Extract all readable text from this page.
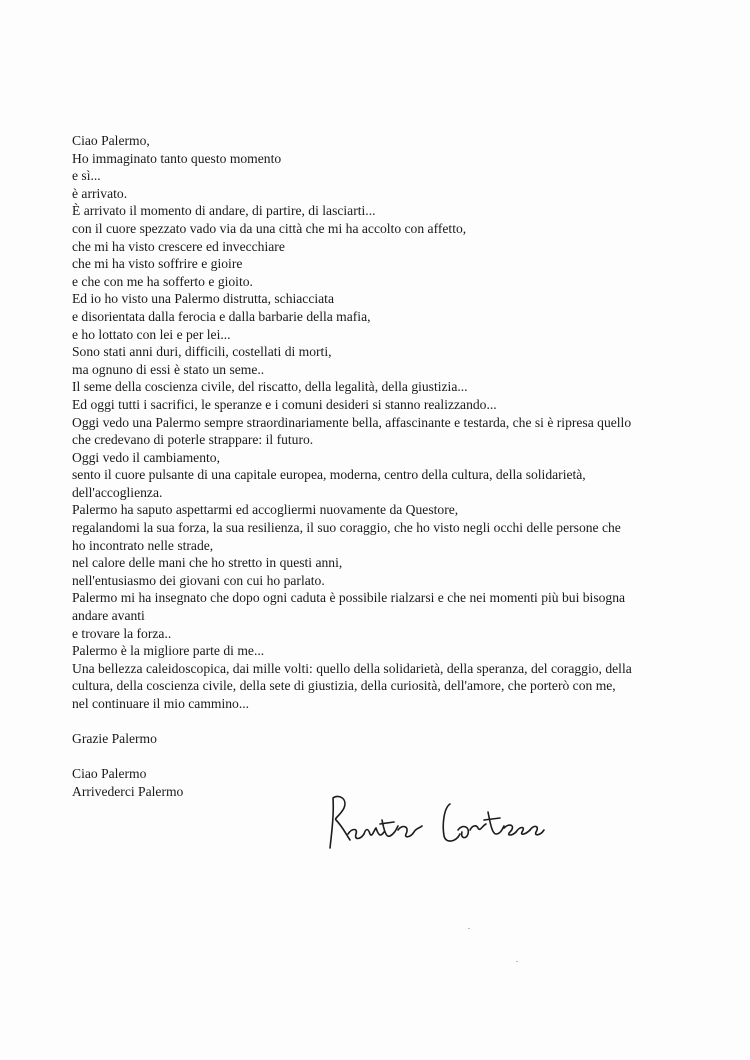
Ciao Palermo,
Ho immaginato tanto questo momento
e sì...
è arrivato.
È arrivato il momento di andare, di partire, di lasciarti...
con il cuore spezzato vado via da una città che mi ha accolto con affetto,
che mi ha visto crescere ed invecchiare
che mi ha visto soffrire e gioire
e che con me ha sofferto e gioito.
Ed io ho visto una Palermo distrutta, schiacciata
e disorientata dalla ferocia e dalla barbarie della mafia,
e ho lottato con lei e per lei...
Sono stati anni duri, difficili, costellati di morti,
ma ognuno di essi è stato un seme..
Il seme della coscienza civile, del riscatto, della legalità, della giustizia...
Ed oggi tutti i sacrifici, le speranze e i comuni desideri si stanno realizzando...
Oggi vedo una Palermo sempre straordinariamente bella, affascinante e testarda, che si è ripresa quello
che credevano di poterle strappare: il futuro.
Oggi vedo il cambiamento,
sento il cuore pulsante di una capitale europea, moderna, centro della cultura, della solidarietà,
dell'accoglienza.
Palermo ha saputo aspettarmi ed accogliermi nuovamente da Questore,
regalandomi la sua forza, la sua resilienza, il suo coraggio, che ho visto negli occhi delle persone che
ho incontrato nelle strade,
nel calore delle mani che ho stretto in questi anni,
nell'entusiasmo dei giovani con cui ho parlato.
Palermo mi ha insegnato che dopo ogni caduta è possibile rialzarsi e che nei momenti più bui bisogna
andare avanti
e trovare la forza..
Palermo è la migliore parte di me...
Una bellezza caleidoscopica, dai mille volti: quello della solidarietà, della speranza, del coraggio, della
cultura, della coscienza civile, della sete di giustizia, della curiosità, dell'amore, che porterò con me,
nel continuare il mio cammino...
Grazie Palermo
Ciao Palermo
Arrivederci Palermo
